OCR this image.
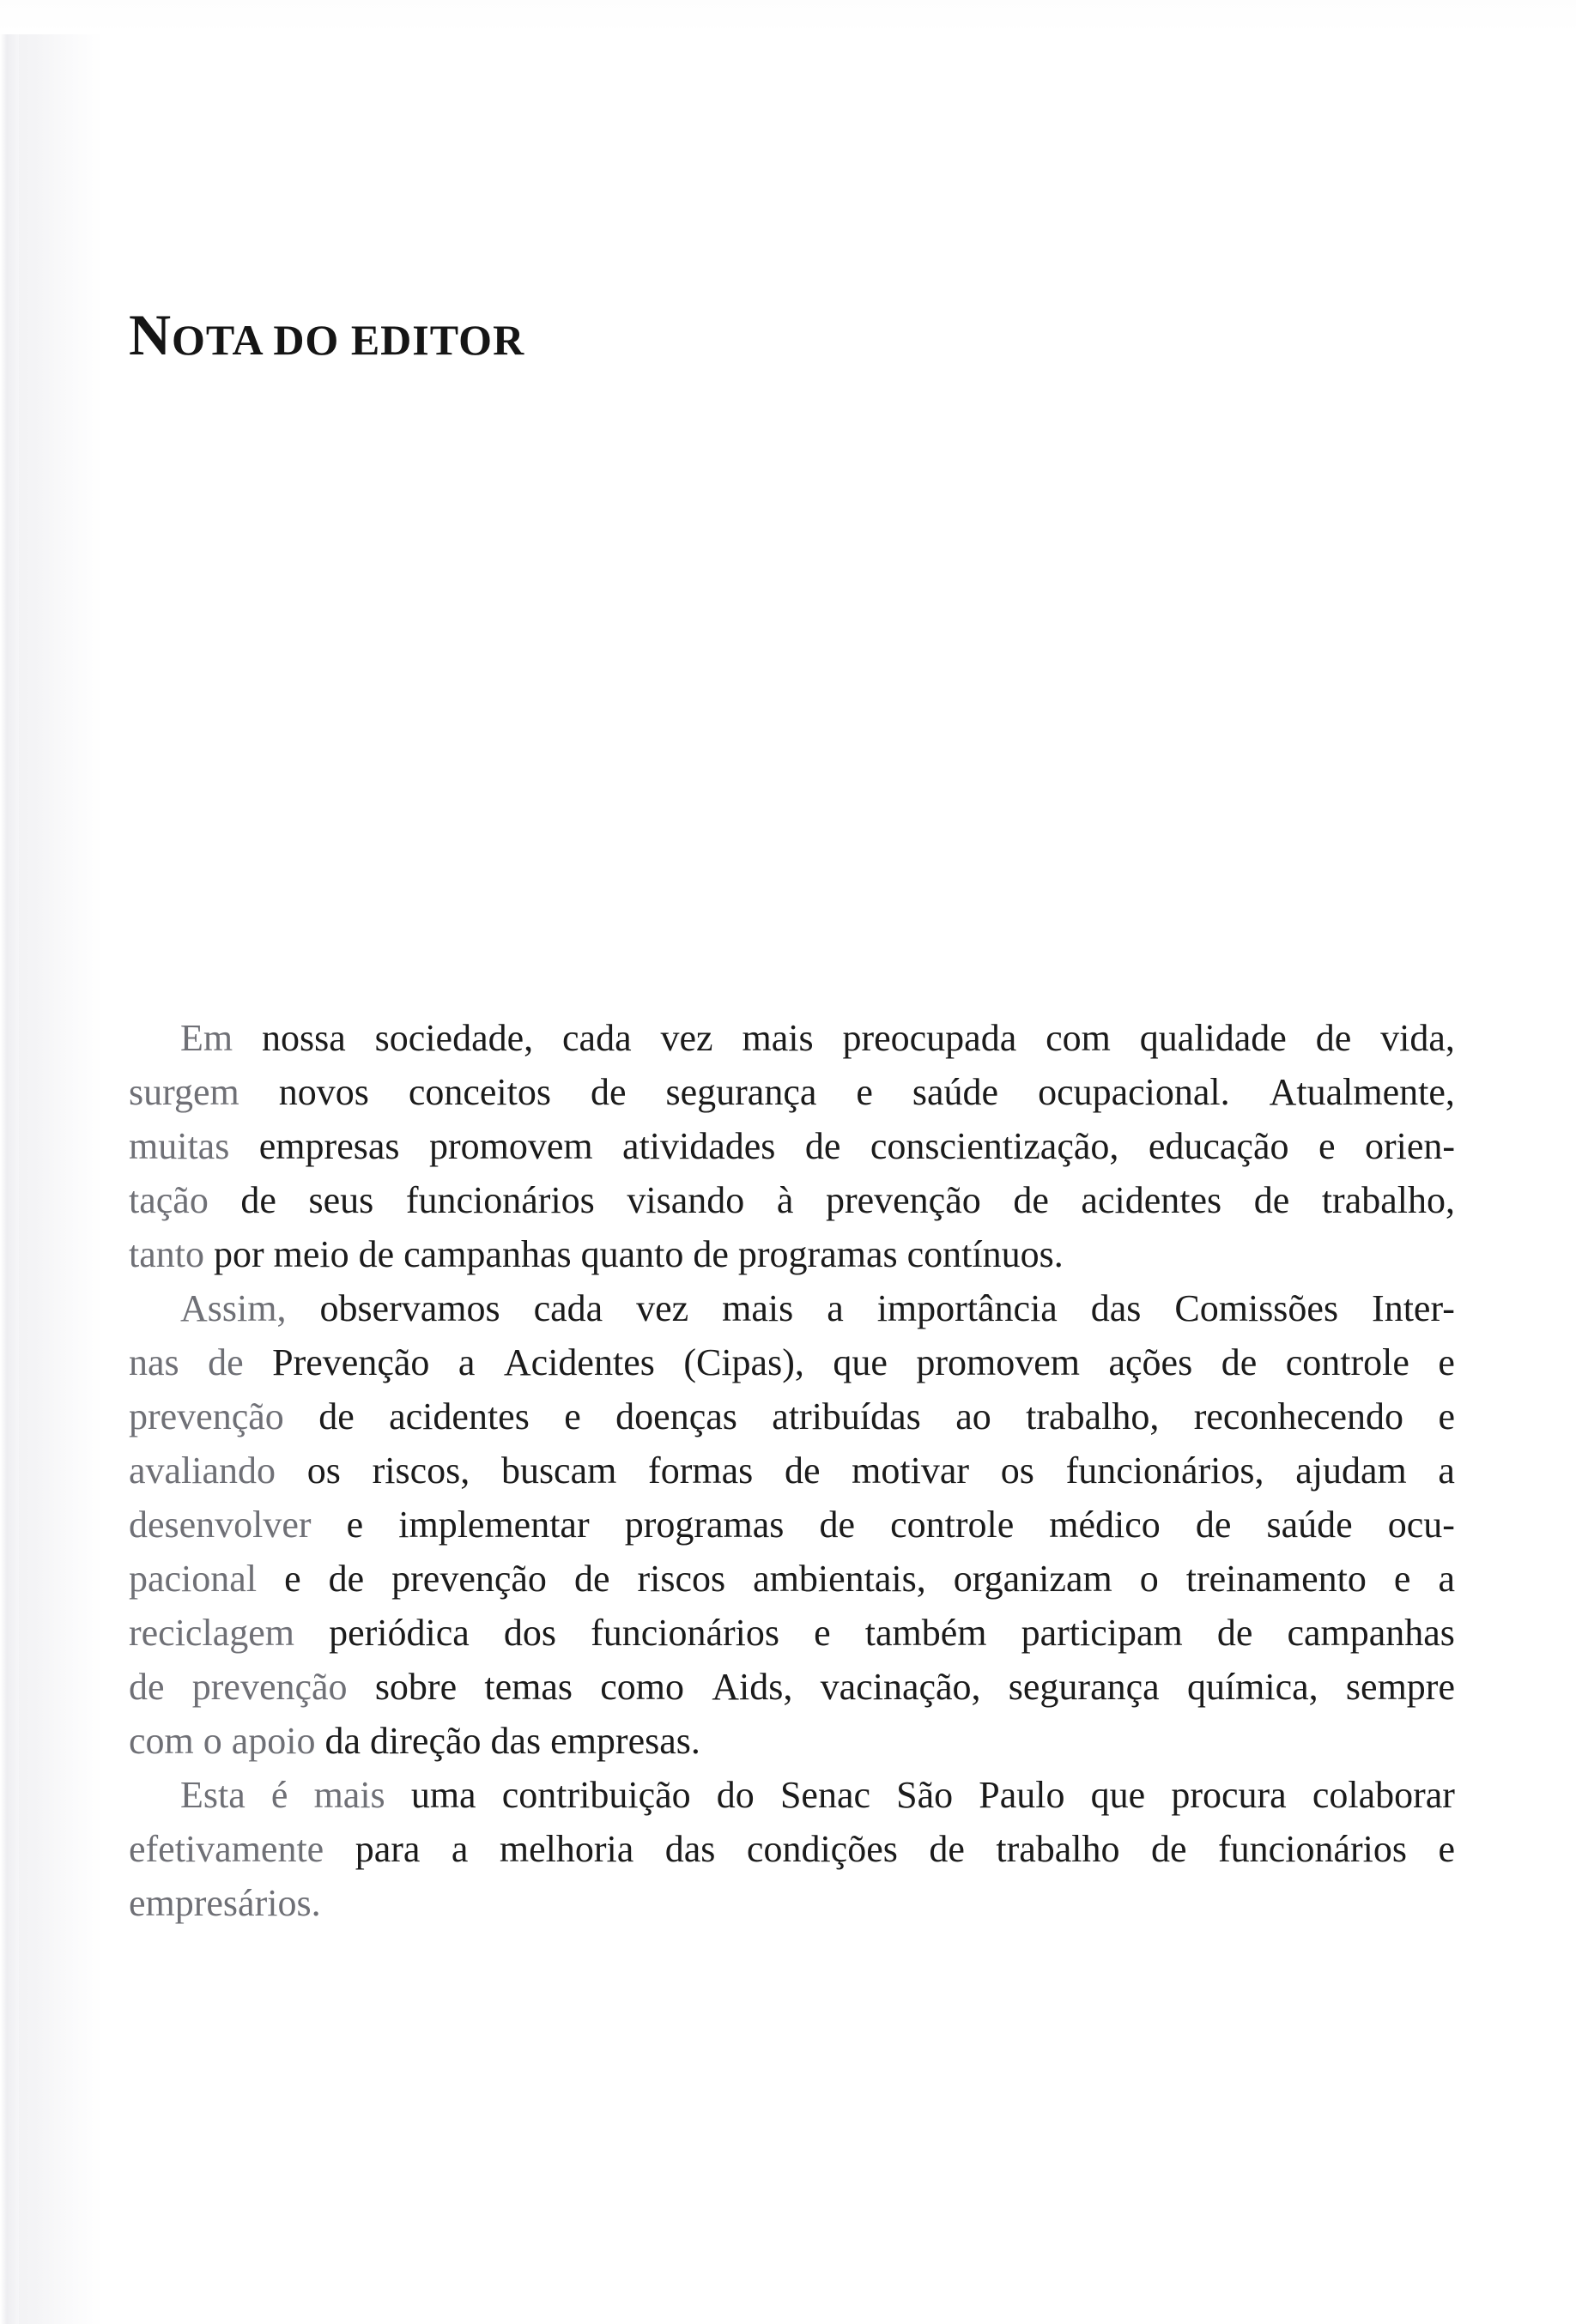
NOTA DO EDITOR

Em nossa sociedade, cada vez mais preocupada com qualidade de vida,
surgem novos conceitos de segurança e saúde ocupacional. Atualmente,
muitas empresas promovem atividades de conscientização, educação e orien-
tação de seus funcionários visando à prevenção de acidentes de trabalho,
tanto por meio de campanhas quanto de programas contínuos.

Assim, observamos cada vez mais a importância das Comissões Inter-
nas de Prevenção a Acidentes (Cipas), que promovem ações de controle e
prevenção de acidentes e doenças atribuídas ao trabalho, reconhecendo e
avaliando os riscos, buscam formas de motivar os funcionários, ajudam a
desenvolver e implementar programas de controle médico de saúde ocu-
pacional e de prevenção de riscos ambientais, organizam o treinamento e a
reciclagem periódica dos funcionários e também participam de campanhas
de prevenção sobre temas como Aids, vacinação, segurança química, sempre
com o apoio da direção das empresas.

Esta é mais uma contribuição do Senac São Paulo que procura colaborar
efetivamente para a melhoria das condições de trabalho de funcionários e
empresários.
